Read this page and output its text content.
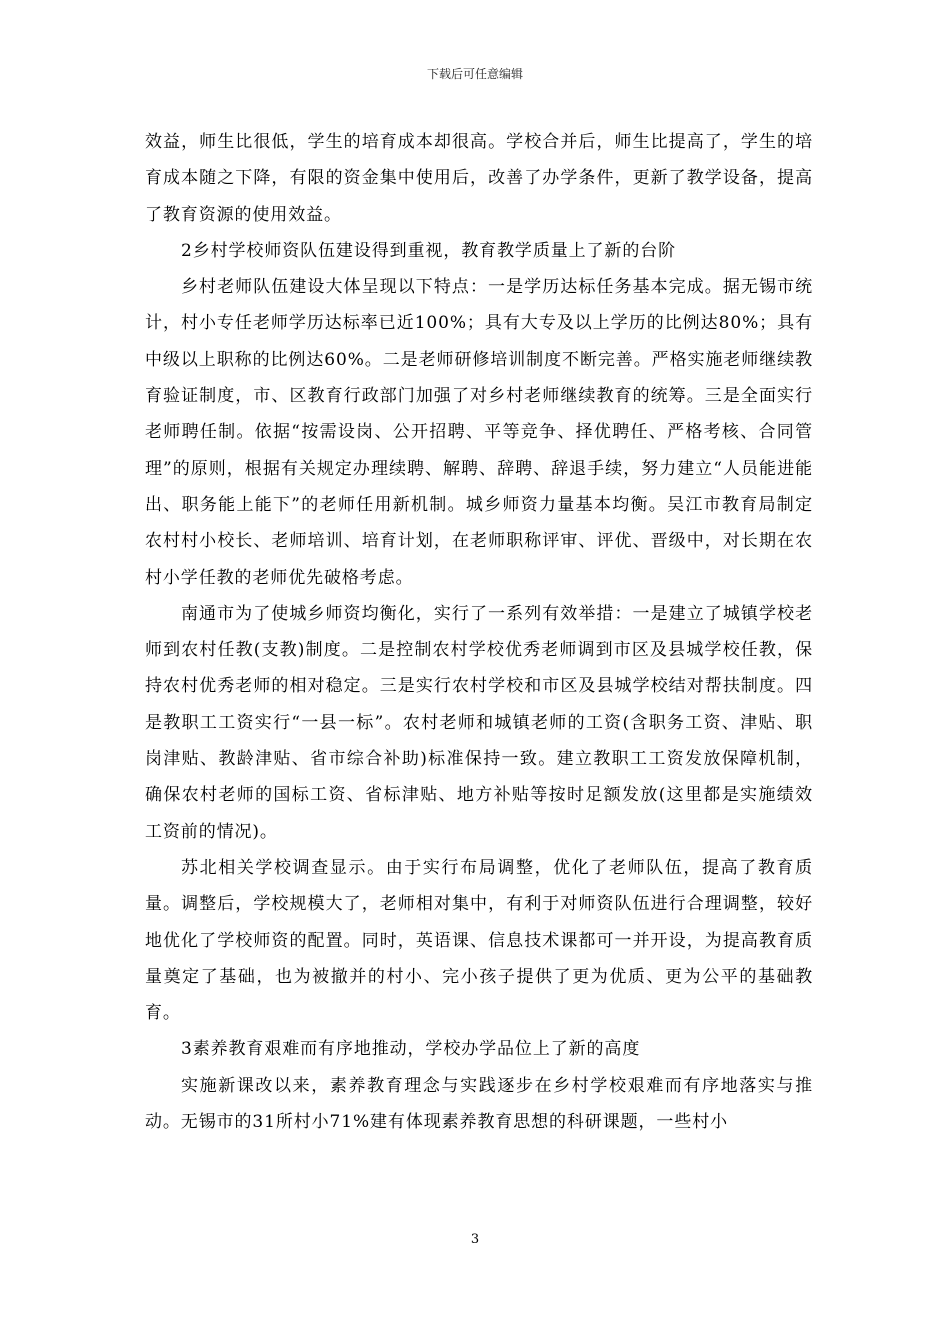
下载后可任意编辑

效益，师生比很低，学生的培育成本却很高。学校合并后，师生比提高了，学生的培育成本随之下降，有限的资金集中使用后，改善了办学条件，更新了教学设备，提高了教育资源的使用效益。

2乡村学校师资队伍建设得到重视，教育教学质量上了新的台阶

乡村老师队伍建设大体呈现以下特点：一是学历达标任务基本完成。据无锡市统计，村小专任老师学历达标率已近100%；具有大专及以上学历的比例达80%；具有中级以上职称的比例达60%。二是老师研修培训制度不断完善。严格实施老师继续教育验证制度，市、区教育行政部门加强了对乡村老师继续教育的统筹。三是全面实行老师聘任制。依据“按需设岗、公开招聘、平等竞争、择优聘任、严格考核、合同管理”的原则，根据有关规定办理续聘、解聘、辞聘、辞退手续，努力建立“人员能进能出、职务能上能下”的老师任用新机制。城乡师资力量基本均衡。吴江市教育局制定农村村小校长、老师培训、培育计划，在老师职称评审、评优、晋级中，对长期在农村小学任教的老师优先破格考虑。

南通市为了使城乡师资均衡化，实行了一系列有效举措：一是建立了城镇学校老师到农村任教(支教)制度。二是控制农村学校优秀老师调到市区及县城学校任教，保持农村优秀老师的相对稳定。三是实行农村学校和市区及县城学校结对帮扶制度。四是教职工工资实行“一县一标”。农村老师和城镇老师的工资(含职务工资、津贴、职岗津贴、教龄津贴、省市综合补助)标准保持一致。建立教职工工资发放保障机制，确保农村老师的国标工资、省标津贴、地方补贴等按时足额发放(这里都是实施绩效工资前的情况)。

苏北相关学校调查显示。由于实行布局调整，优化了老师队伍，提高了教育质量。调整后，学校规模大了，老师相对集中，有利于对师资队伍进行合理调整，较好地优化了学校师资的配置。同时，英语课、信息技术课都可一并开设，为提高教育质量奠定了基础，也为被撤并的村小、完小孩子提供了更为优质、更为公平的基础教育。

3素养教育艰难而有序地推动，学校办学品位上了新的高度

实施新课改以来，素养教育理念与实践逐步在乡村学校艰难而有序地落实与推动。无锡市的31所村小71%建有体现素养教育思想的科研课题，一些村小

3
